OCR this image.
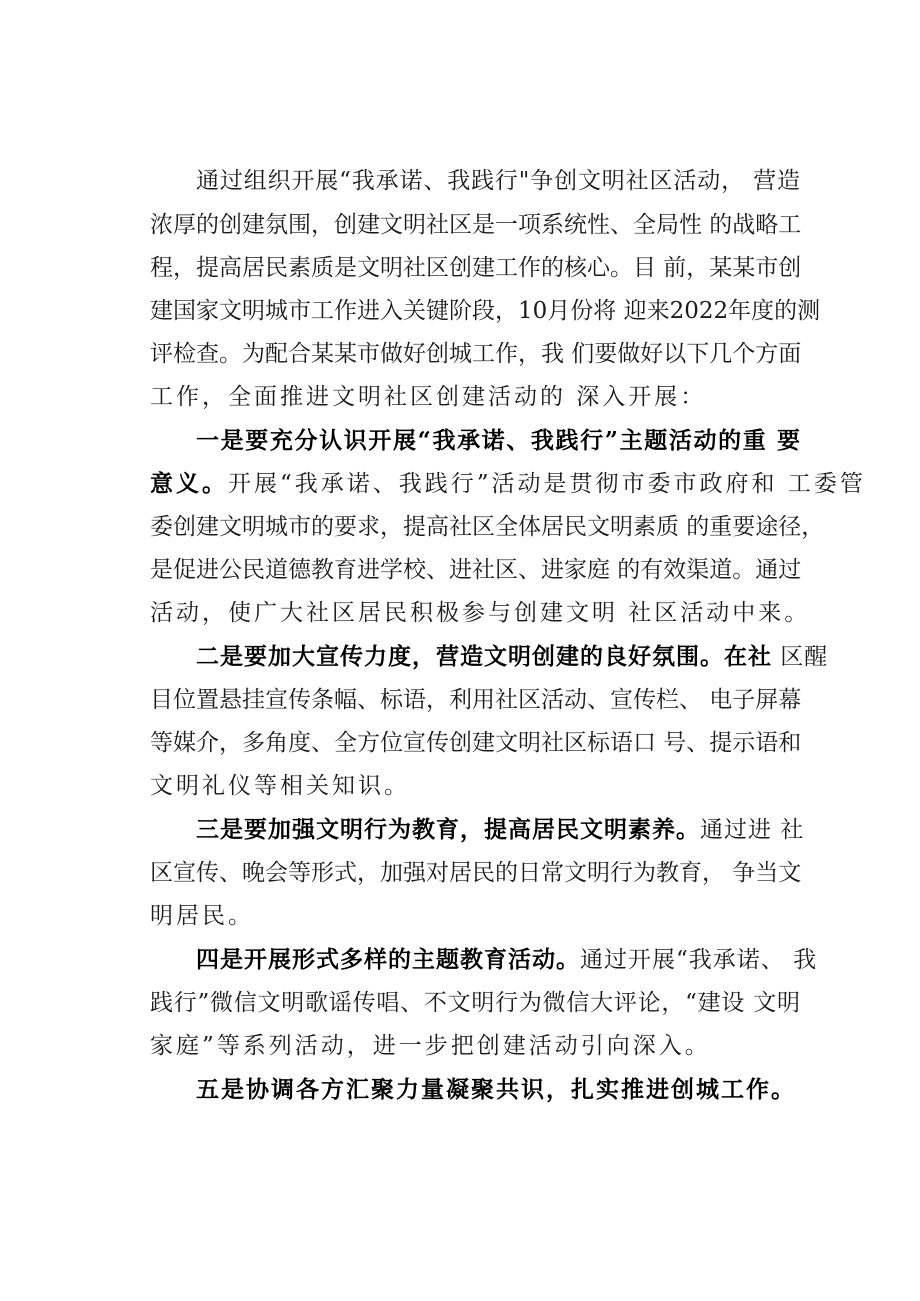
通过组织开展“我承诺、我践行"争创文明社区活动， 营造

浓厚的创建氛围，创建文明社区是一项系统性、全局性 的战略工

程，提高居民素质是文明社区创建工作的核心。目 前，某某市创

建国家文明城市工作进入关键阶段，10月份将 迎来2022年度的测

评检查。为配合某某市做好创城工作，我 们要做好以下几个方面

工作，全面推进文明社区创建活动的 深入开展：

一是要充分认识开展“我承诺、我践行”主题活动的重 要

意义。开展“我承诺、我践行”活动是贯彻市委市政府和 工委管

委创建文明城市的要求，提高社区全体居民文明素质 的重要途径，

是促进公民道德教育进学校、进社区、进家庭 的有效渠道。通过

活动，使广大社区居民积极参与创建文明 社区活动中来。

二是要加大宣传力度，营造文明创建的良好氛围。在社 区醒

目位置悬挂宣传条幅、标语，利用社区活动、宣传栏、 电子屏幕

等媒介，多角度、全方位宣传创建文明社区标语口 号、提示语和

文明礼仪等相关知识。

三是要加强文明行为教育，提高居民文明素养。通过进 社

区宣传、晚会等形式，加强对居民的日常文明行为教育， 争当文

明居民。

四是开展形式多样的主题教育活动。通过开展“我承诺、 我

践行”微信文明歌谣传唱、不文明行为微信大评论，“建设 文明

家庭”等系列活动，进一步把创建活动引向深入。

五是协调各方汇聚力量凝聚共识，扎实推进创城工作。
